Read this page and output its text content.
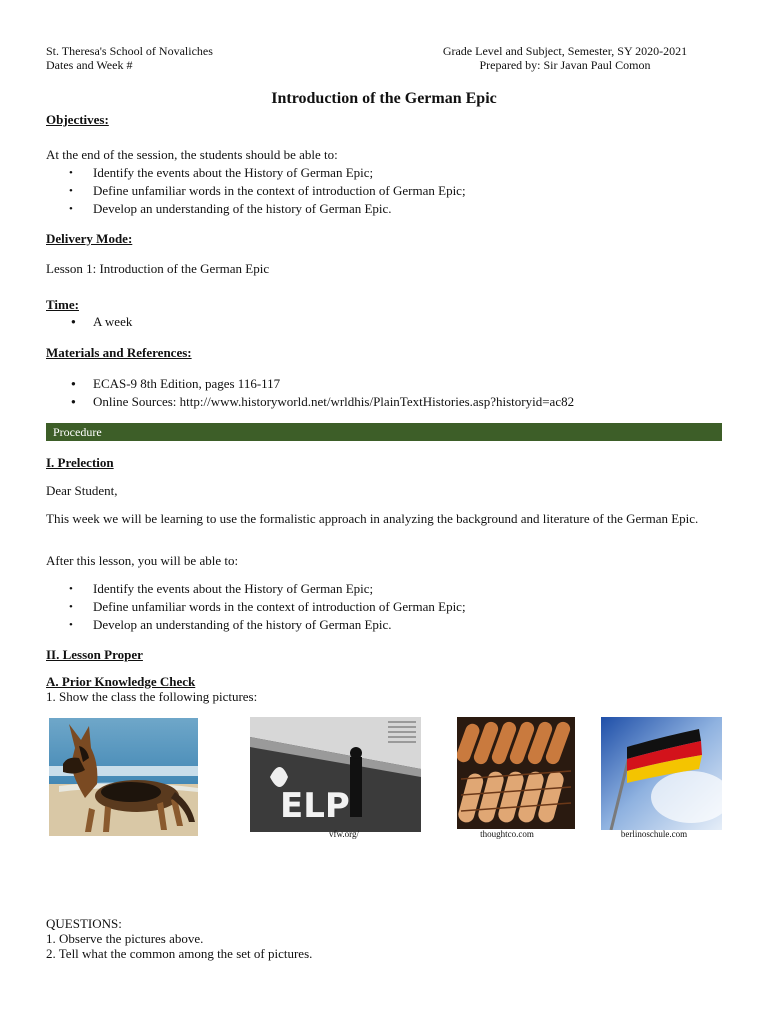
St. Theresa's School of Novaliches
Dates and Week #
Grade Level and Subject, Semester, SY 2020-2021
Prepared by: Sir Javan Paul Comon
Introduction of the German Epic
Objectives:
At the end of the session, the students should be able to:
• Identify the events about the History of German Epic;
• Define unfamiliar words in the context of introduction of German Epic;
• Develop an understanding of the history of German Epic.
Delivery Mode:
Lesson 1: Introduction of the German Epic
Time:
● A week
Materials and References:
● ECAS-9 8th Edition, pages 116-117
● Online Sources: http://www.historyworld.net/wrldhis/PlainTextHistories.asp?historyid=ac82
Procedure
I. Prelection
Dear Student,
This week we will be learning to use the formalistic approach in analyzing the background and literature of the German Epic.
After this lesson, you will be able to:
• Identify the events about the History of German Epic;
• Define unfamiliar words in the context of introduction of German Epic;
• Develop an understanding of the history of German Epic.
II. Lesson Proper
A. Prior Knowledge Check
1. Show the class the following pictures:
ELP
vfw.org/	thoughtco.com	berlinoschule.com
QUESTIONS:
1. Observe the pictures above.
2. Tell what the common among the set of pictures.
